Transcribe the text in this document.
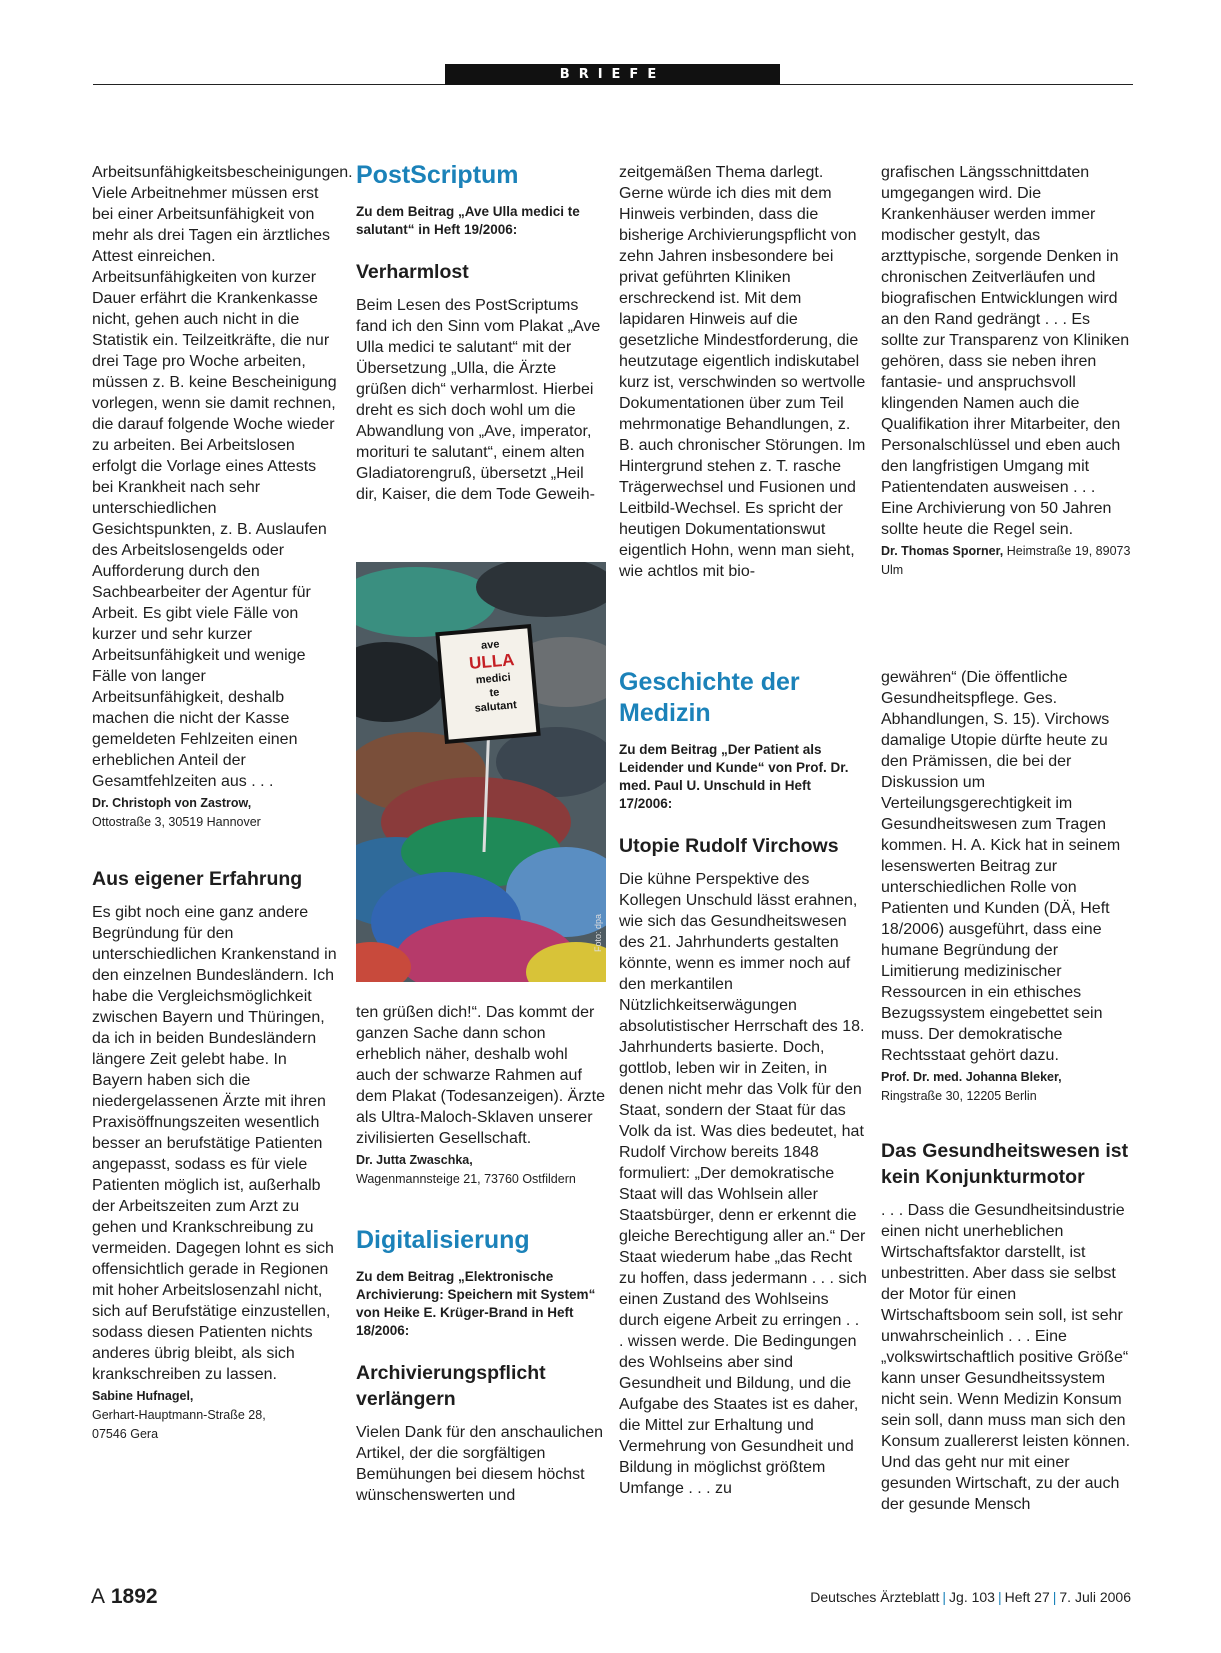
BRIEFE

Arbeitsunfähigkeitsbescheinigungen. Viele Arbeitnehmer müssen erst bei einer Arbeitsunfähigkeit von mehr als drei Tagen ein ärztliches Attest einreichen. Arbeitsunfähigkeiten von kurzer Dauer erfährt die Krankenkasse nicht, gehen auch nicht in die Statistik ein. Teilzeitkräfte, die nur drei Tage pro Woche arbeiten, müssen z. B. keine Bescheinigung vorlegen, wenn sie damit rechnen, die darauf folgende Woche wieder zu arbeiten. Bei Arbeitslosen erfolgt die Vorlage eines Attests bei Krankheit nach sehr unterschiedlichen Gesichtspunkten, z. B. Auslaufen des Arbeitslosengelds oder Aufforderung durch den Sachbearbeiter der Agentur für Arbeit. Es gibt viele Fälle von kurzer und sehr kurzer Arbeitsunfähigkeit und wenige Fälle von langer Arbeitsunfähigkeit, deshalb machen die nicht der Kasse gemeldeten Fehlzeiten einen erheblichen Anteil der Gesamtfehlzeiten aus . . .

Dr. Christoph von Zastrow,
Ottostraße 3, 30519 Hannover
Aus eigener Erfahrung

Es gibt noch eine ganz andere Begründung für den unterschiedlichen Krankenstand in den einzelnen Bundesländern. Ich habe die Vergleichsmöglichkeit zwischen Bayern und Thüringen, da ich in beiden Bundesländern längere Zeit gelebt habe. In Bayern haben sich die niedergelassenen Ärzte mit ihren Praxisöffnungszeiten wesentlich besser an berufstätige Patienten angepasst, sodass es für viele Patienten möglich ist, außerhalb der Arbeitszeiten zum Arzt zu gehen und Krankschreibung zu vermeiden. Dagegen lohnt es sich offensichtlich gerade in Regionen mit hoher Arbeitslosenzahl nicht, sich auf Berufstätige einzustellen, sodass diesen Patienten nichts anderes übrig bleibt, als sich krankschreiben zu lassen.

Sabine Hufnagel,
Gerhart-Hauptmann-Straße 28,
07546 Gera
PostScriptum
Zu dem Beitrag „Ave Ulla medici te salutant“ in Heft 19/2006:
Verharmlost

Beim Lesen des PostScriptums fand ich den Sinn vom Plakat „Ave Ulla medici te salutant“ mit der Übersetzung „Ulla, die Ärzte grüßen dich“ verharmlost. Hierbei dreht es sich doch wohl um die Abwandlung von „Ave, imperator, morituri te salutant“, einem alten Gladiatorengruß, übersetzt „Heil dir, Kaiser, die dem Tode Geweih-

ave
ULLA
medici
te
salutant
Foto: dpa

ten grüßen dich!“. Das kommt der ganzen Sache dann schon erheblich näher, deshalb wohl auch der schwarze Rahmen auf dem Plakat (Todesanzeigen). Ärzte als Ultra-Maloch-Sklaven unserer zivilisierten Gesellschaft.

Dr. Jutta Zwaschka,
Wagenmannsteige 21, 73760 Ostfildern
Digitalisierung
Zu dem Beitrag „Elektronische Archivierung: Speichern mit System“ von Heike E. Krüger-Brand in Heft 18/2006:
Archivierungspflicht verlängern

Vielen Dank für den anschaulichen Artikel, der die sorgfältigen Bemühungen bei diesem höchst wünschenswerten und

zeitgemäßen Thema darlegt. Gerne würde ich dies mit dem Hinweis verbinden, dass die bisherige Archivierungspflicht von zehn Jahren insbesondere bei privat geführten Kliniken erschreckend ist. Mit dem lapidaren Hinweis auf die gesetzliche Mindestforderung, die heutzutage eigentlich indiskutabel kurz ist, verschwinden so wertvolle Dokumentationen über zum Teil mehrmonatige Behandlungen, z. B. auch chronischer Störungen. Im Hintergrund stehen z. T. rasche Trägerwechsel und Fusionen und Leitbild-Wechsel. Es spricht der heutigen Dokumentationswut eigentlich Hohn, wenn man sieht, wie achtlos mit bio-

Geschichte der Medizin
Zu dem Beitrag „Der Patient als Leidender und Kunde“ von Prof. Dr. med. Paul U. Unschuld in Heft 17/2006:
Utopie Rudolf Virchows

Die kühne Perspektive des Kollegen Unschuld lässt erahnen, wie sich das Gesundheitswesen des 21. Jahrhunderts gestalten könnte, wenn es immer noch auf den merkantilen Nützlichkeitserwägungen absolutistischer Herrschaft des 18. Jahrhunderts basierte. Doch, gottlob, leben wir in Zeiten, in denen nicht mehr das Volk für den Staat, sondern der Staat für das Volk da ist. Was dies bedeutet, hat Rudolf Virchow bereits 1848 formuliert: „Der demokratische Staat will das Wohlsein aller Staatsbürger, denn er erkennt die gleiche Berechtigung aller an.“ Der Staat wiederum habe „das Recht zu hoffen, dass jedermann . . . sich einen Zustand des Wohlseins durch eigene Arbeit zu erringen . . . wissen werde. Die Bedingungen des Wohlseins aber sind Gesundheit und Bildung, und die Aufgabe des Staates ist es daher, die Mittel zur Erhaltung und Vermehrung von Gesundheit und Bildung in möglichst größtem Umfange . . . zu

grafischen Längsschnittdaten umgegangen wird. Die Krankenhäuser werden immer modischer gestylt, das arzttypische, sorgende Denken in chronischen Zeitverläufen und biografischen Entwicklungen wird an den Rand gedrängt . . . Es sollte zur Transparenz von Kliniken gehören, dass sie neben ihren fantasie- und anspruchsvoll klingenden Namen auch die Qualifikation ihrer Mitarbeiter, den Personalschlüssel und eben auch den langfristigen Umgang mit Patientendaten ausweisen . . . Eine Archivierung von 50 Jahren sollte heute die Regel sein.

Dr. Thomas Sporner, Heimstraße 19, 89073 Ulm

gewähren“ (Die öffentliche Gesundheitspflege. Ges. Abhandlungen, S. 15). Virchows damalige Utopie dürfte heute zu den Prämissen, die bei der Diskussion um Verteilungsgerechtigkeit im Gesundheitswesen zum Tragen kommen. H. A. Kick hat in seinem lesenswerten Beitrag zur unterschiedlichen Rolle von Patienten und Kunden (DÄ, Heft 18/2006) ausgeführt, dass eine humane Begründung der Limitierung medizinischer Ressourcen in ein ethisches Bezugssystem eingebettet sein muss. Der demokratische Rechtsstaat gehört dazu.

Prof. Dr. med. Johanna Bleker,
Ringstraße 30, 12205 Berlin
Das Gesundheitswesen ist kein Konjunkturmotor

. . . Dass die Gesundheitsindustrie einen nicht unerheblichen Wirtschaftsfaktor darstellt, ist unbestritten. Aber dass sie selbst der Motor für einen Wirtschaftsboom sein soll, ist sehr unwahrscheinlich . . . Eine „volkswirtschaftlich positive Größe“ kann unser Gesundheitssystem nicht sein. Wenn Medizin Konsum sein soll, dann muss man sich den Konsum zuallererst leisten können. Und das geht nur mit einer gesunden Wirtschaft, zu der auch der gesunde Mensch

A 1892	Deutsches Ärzteblatt | Jg. 103 | Heft 27 | 7. Juli 2006
